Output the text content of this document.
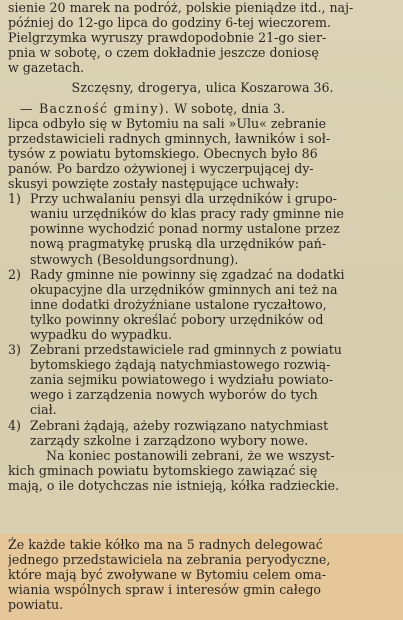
sienie 20 marek na podróż, polskie pieniądze itd., naj-
później do 12-go lipca do godziny 6-tej wieczorem.
Pielgrzymka wyruszy prawdopodobnie 21-go sier-
pnia w sobotę, o czem dokładnie jeszcze doniosę
w gazetach.
Szczęsny, drogerya, ulica Koszarowa 36.
— Baczność gminy). W sobotę, dnia 3.
lipca odbyło się w Bytomiu na sali »Ulu« zebranie
przedstawicieli radnych gminnych, ławników i soł-
tysów z powiatu bytomskiego. Obecnych było 86
panów. Po bardzo ożywionej i wyczerpującej dy-
skusyi powzięte zostały następujące uchwały:
1) Przy uchwalaniu pensyi dla urzędników i grupo-
waniu urzędników do klas pracy rady gminne nie
powinne wychodzić ponad normy ustalone przez
nową pragmatykę pruską dla urzędników pań-
stwowych (Besoldungsordnung).
2) Rady gminne nie powinny się zgadzać na dodatki
okupacyjne dla urzędników gminnych ani też na
inne dodatki drożyźniane ustalone ryczałtowo,
tylko powinny określać pobory urzędników od
wypadku do wypadku.
3) Zebrani przedstawiciele rad gminnych z powiatu
bytomskiego żądają natychmiastowego rozwią-
zania sejmiku powiatowego i wydziału powiato-
wego i zarządzenia nowych wyborów do tych
ciał.
4) Zebrani żądają, ażeby rozwiązano natychmiast
zarządy szkolne i zarządzono wybory nowe.
Na koniec postanowili zebrani, że we wszyst-
kich gminach powiatu bytomskiego zawiązać się
mają, o ile dotychczas nie istnieją, kółka radzieckie.
Że każde takie kółko ma na 5 radnych delegować
jednego przedstawiciela na zebrania peryodyczne,
które mają być zwoływane w Bytomiu celem oma-
wiania wspólnych spraw i interesów gmin całego
powiatu.
